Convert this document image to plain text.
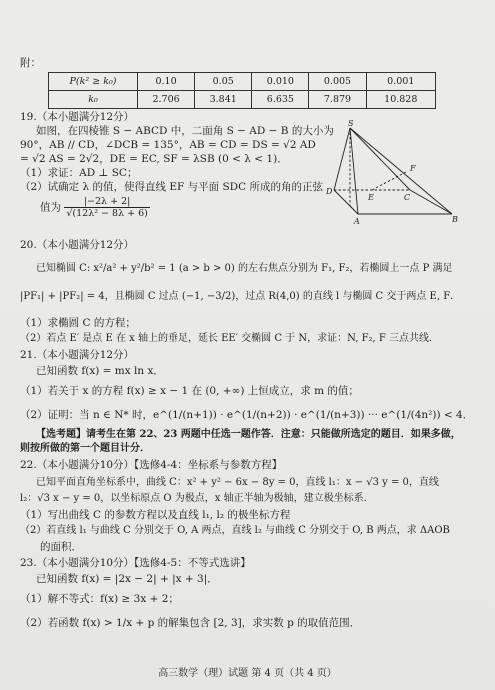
附：
P(k² ≥ k₀)	0.10	0.05	0.010	0.005	0.001
k₀	2.706	3.841	6.635	7.879	10.828
19.（本小题满分12分）
如图，在四棱锥 S − ABCD 中，二面角 S − AD − B 的大小为
90°，AB // CD，∠DCB = 135°，AB = CD = DS = √2 AD
= √2 AS = 2√2，DE = EC, SF = λSB (0 < λ < 1)．
（1）求证：AD ⊥ SC；
（2）试确定 λ 的值，使得直线 EF 与平面 SDC 所成的角的正弦
值为 $\frac{|-2\lambda + 2|}{\text{√(12λ² − 8λ + 6)}}$
S
F
D
E	C
A	B
20.（本小题满分12分）
已知椭圆 C: x²/a² + y²/b² = 1 (a > b > 0) 的左右焦点分别为 F₁, F₂，若椭圆上一点 P 满足
|PF₁| + |PF₂| = 4，且椭圆 C 过点 (−1, −3/2)，过点 R(4,0) 的直线 l 与椭圆 C 交于两点 E, F．
（1）求椭圆 C 的方程；
（2）若点 E′ 是点 E 在 x 轴上的垂足，延长 EE′ 交椭圆 C 于 N，求证：N, F₂, F 三点共线．
21.（本小题满分12分）
已知函数 f(x) = mx ln x．
（1）若关于 x 的方程 f(x) ≥ x − 1 在 (0, +∞) 上恒成立，求 m 的值；
（2）证明：当 n ∈ N* 时，e^(1/(n+1)) · e^(1/(n+2)) · e^(1/(n+3)) ··· e^(1/(4n²)) < 4．
【选考题】请考生在第 22、23 两题中任选一题作答．注意：只能做所选定的题目．如果多做，
则按所做的第一个题目计分．
22.（本小题满分10分）【选修4-4：坐标系与参数方程】
已知平面直角坐标系中，曲线 C：x² + y² − 6x − 8y = 0，直线 l₁：x − √3 y = 0，直线
l₂：√3 x − y = 0，以坐标原点 O 为极点，x 轴正半轴为极轴，建立极坐标系．
（1）写出曲线 C 的参数方程以及直线 l₁, l₂ 的极坐标方程
（2）若直线 l₁ 与曲线 C 分别交于 O, A 两点，直线 l₂ 与曲线 C 分别交于 O, B 两点，求 ΔAOB
的面积．
23.（本小题满分10分）【选修4-5：不等式选讲】
已知函数 f(x) = |2x − 2| + |x + 3|．
（1）解不等式：f(x) ≥ 3x + 2；
（2）若函数 f(x) > 1/x + p 的解集包含 [2, 3]，求实数 p 的取值范围．
高三数学（理）试题 第 4 页（共 4 页）
